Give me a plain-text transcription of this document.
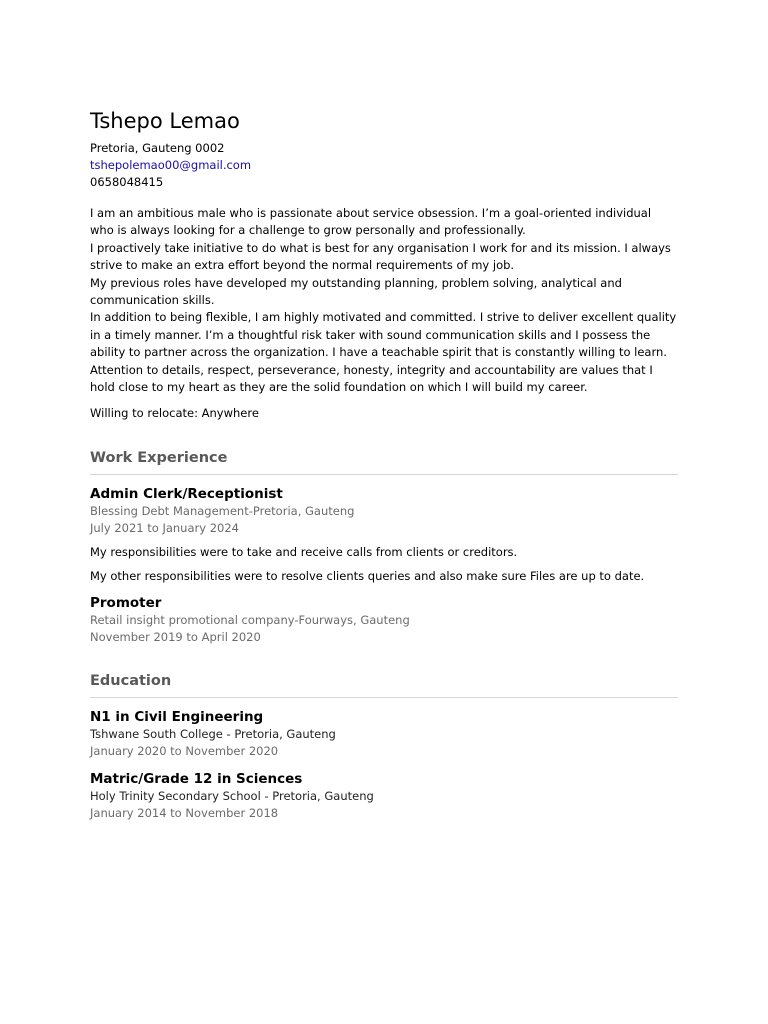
Tshepo Lemao

Pretoria, Gauteng 0002

tshepolemao00@gmail.com

0658048415

I am an ambitious male who is passionate about service obsession. I’m a goal-oriented individual who is always looking for a challenge to grow personally and professionally.

I proactively take initiative to do what is best for any organisation I work for and its mission. I always strive to make an extra effort beyond the normal requirements of my job.

My previous roles have developed my outstanding planning, problem solving, analytical and communication skills.

In addition to being flexible, I am highly motivated and committed. I strive to deliver excellent quality in a timely manner. I’m a thoughtful risk taker with sound communication skills and I possess the ability to partner across the organization. I have a teachable spirit that is constantly willing to learn.

Attention to details, respect, perseverance, honesty, integrity and accountability are values that I hold close to my heart as they are the solid foundation on which I will build my career.

Willing to relocate: Anywhere

Work Experience

Admin Clerk/Receptionist

Blessing Debt Management-Pretoria, Gauteng

July 2021 to January 2024

My responsibilities were to take and receive calls from clients or creditors.

My other responsibilities were to resolve clients queries and also make sure Files are up to date.

Promoter

Retail insight promotional company-Fourways, Gauteng

November 2019 to April 2020

Education

N1 in Civil Engineering

Tshwane South College - Pretoria, Gauteng

January 2020 to November 2020

Matric/Grade 12 in Sciences

Holy Trinity Secondary School - Pretoria, Gauteng

January 2014 to November 2018
